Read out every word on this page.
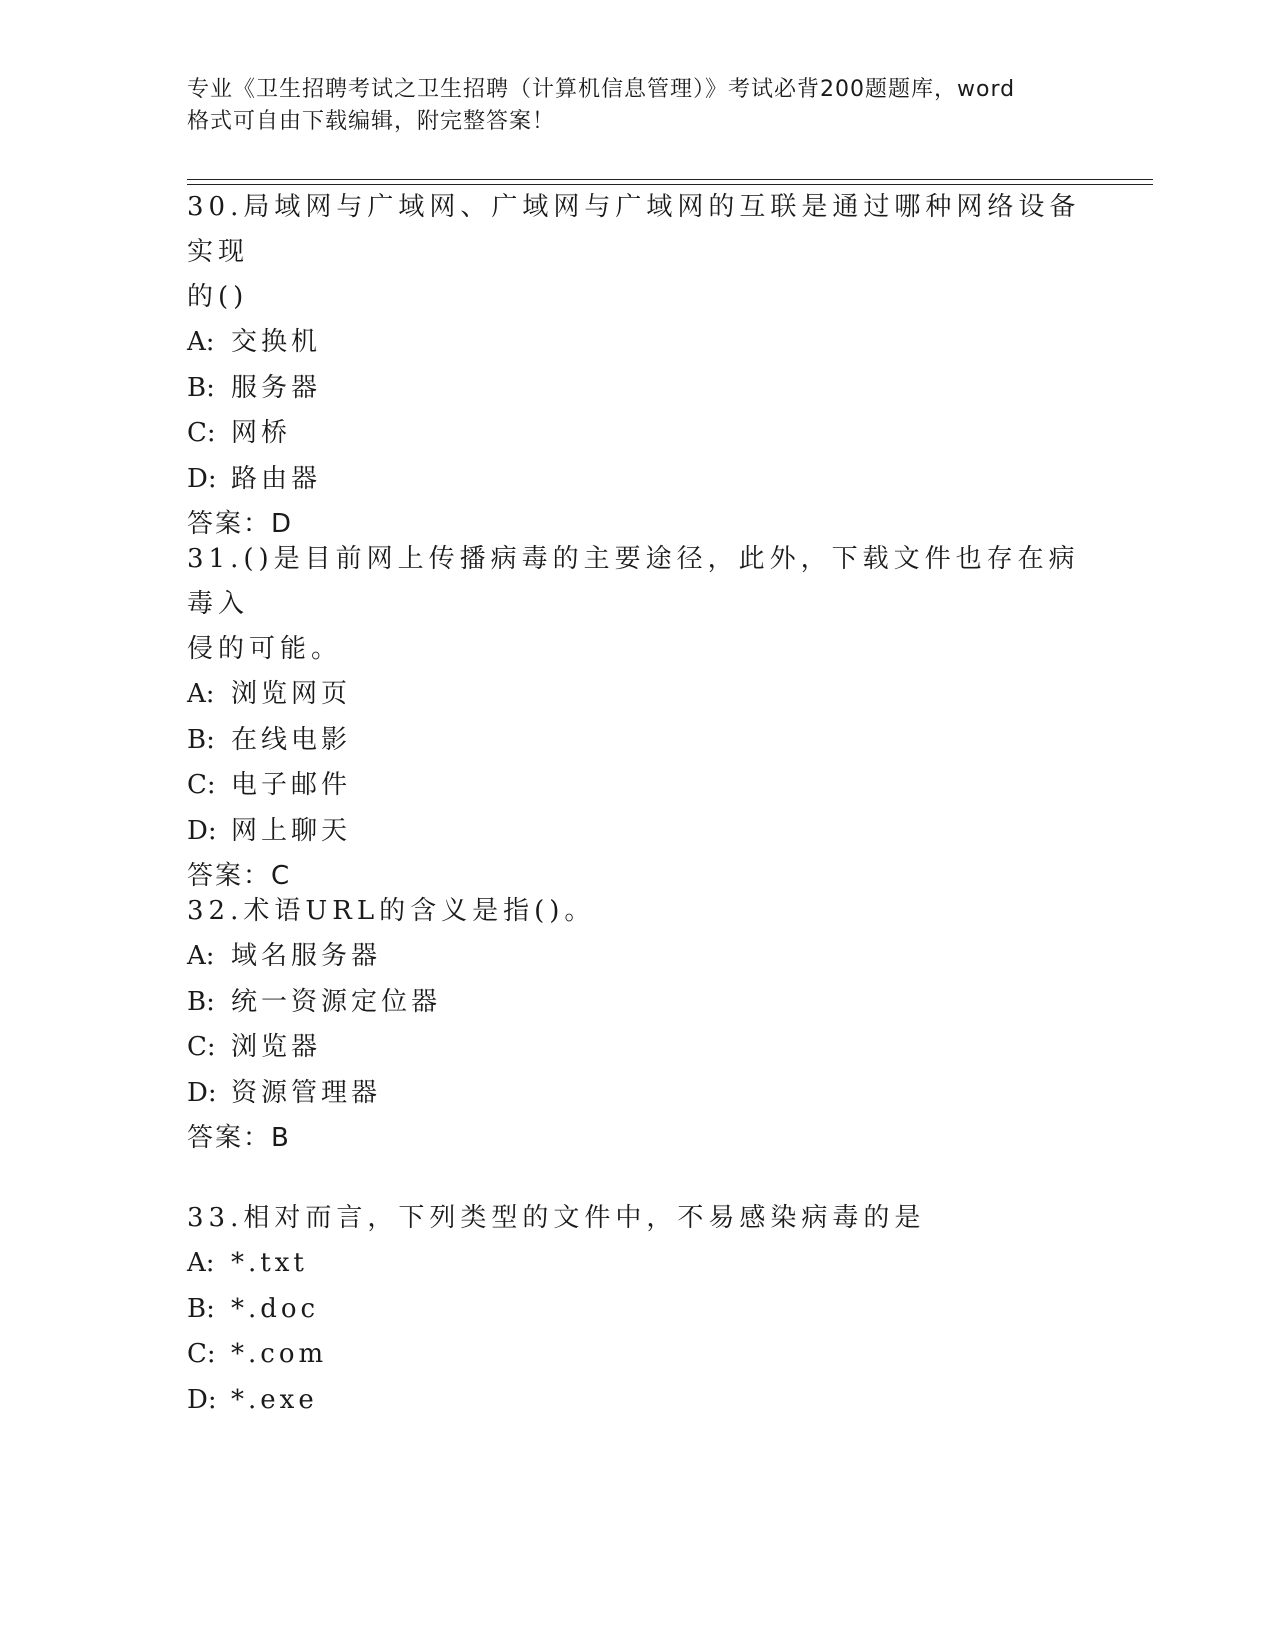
专业《卫生招聘考试之卫生招聘（计算机信息管理）》考试必背200题题库，word
格式可自由下载编辑，附完整答案！
30.局域网与广域网、广域网与广域网的互联是通过哪种网络设备实现
的()
A: 交换机
B: 服务器
C: 网桥
D: 路由器
答案：D
31.()是目前网上传播病毒的主要途径，此外，下载文件也存在病毒入
侵的可能。
A: 浏览网页
B: 在线电影
C: 电子邮件
D: 网上聊天
答案：C
32.术语URL的含义是指()。
A: 域名服务器
B: 统一资源定位器
C: 浏览器
D: 资源管理器
答案：B
33.相对而言，下列类型的文件中，不易感染病毒的是
A: *.txt
B: *.doc
C: *.com
D: *.exe
